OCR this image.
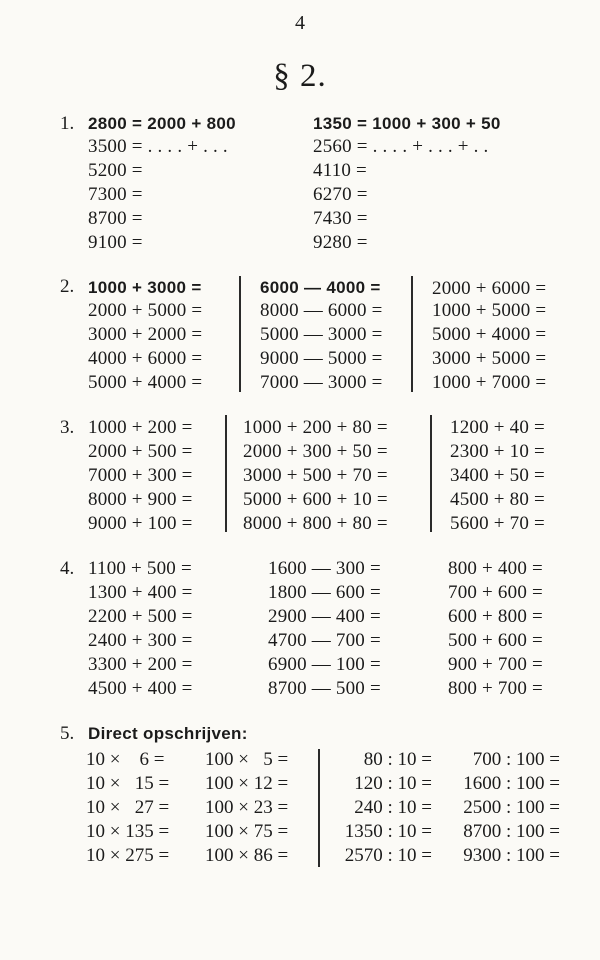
4
§ 2.
1. 2800 = 2000 + 800
3500 = . . . . + . . .
5200 =
7300 =
8700 =
9100 =
1350 = 1000 + 300 + 50
2560 = . . . . + . . . + . .
4110 =
6270 =
7430 =
9280 =
2. 1000 + 3000 =
2000 + 5000 =
3000 + 2000 =
4000 + 6000 =
5000 + 4000 =
6000 — 4000 =
8000 — 6000 =
5000 — 3000 =
9000 — 5000 =
7000 — 3000 =
2000 + 6000 =
1000 + 5000 =
5000 + 4000 =
3000 + 5000 =
1000 + 7000 =
3. 1000 + 200 =
2000 + 500 =
7000 + 300 =
8000 + 900 =
9000 + 100 =
1000 + 200 + 80 =
2000 + 300 + 50 =
3000 + 500 + 70 =
5000 + 600 + 10 =
8000 + 800 + 80 =
1200 + 40 =
2300 + 10 =
3400 + 50 =
4500 + 80 =
5600 + 70 =
4. 1100 + 500 =
1300 + 400 =
2200 + 500 =
2400 + 300 =
3300 + 200 =
4500 + 400 =
1600 — 300 =
1800 — 600 =
2900 — 400 =
4700 — 700 =
6900 — 100 =
8700 — 500 =
800 + 400 =
700 + 600 =
600 + 800 =
500 + 600 =
900 + 700 =
800 + 700 =
5. Direct opschrijven:
10 ×    6 =
10 ×   15 =
10 ×   27 =
10 × 135 =
10 × 275 =
100 ×   5 =
100 × 12 =
100 × 23 =
100 × 75 =
100 × 86 =
80 : 10 =
120 : 10 =
240 : 10 =
1350 : 10 =
2570 : 10 =
700 : 100 =
1600 : 100 =
2500 : 100 =
8700 : 100 =
9300 : 100 =
